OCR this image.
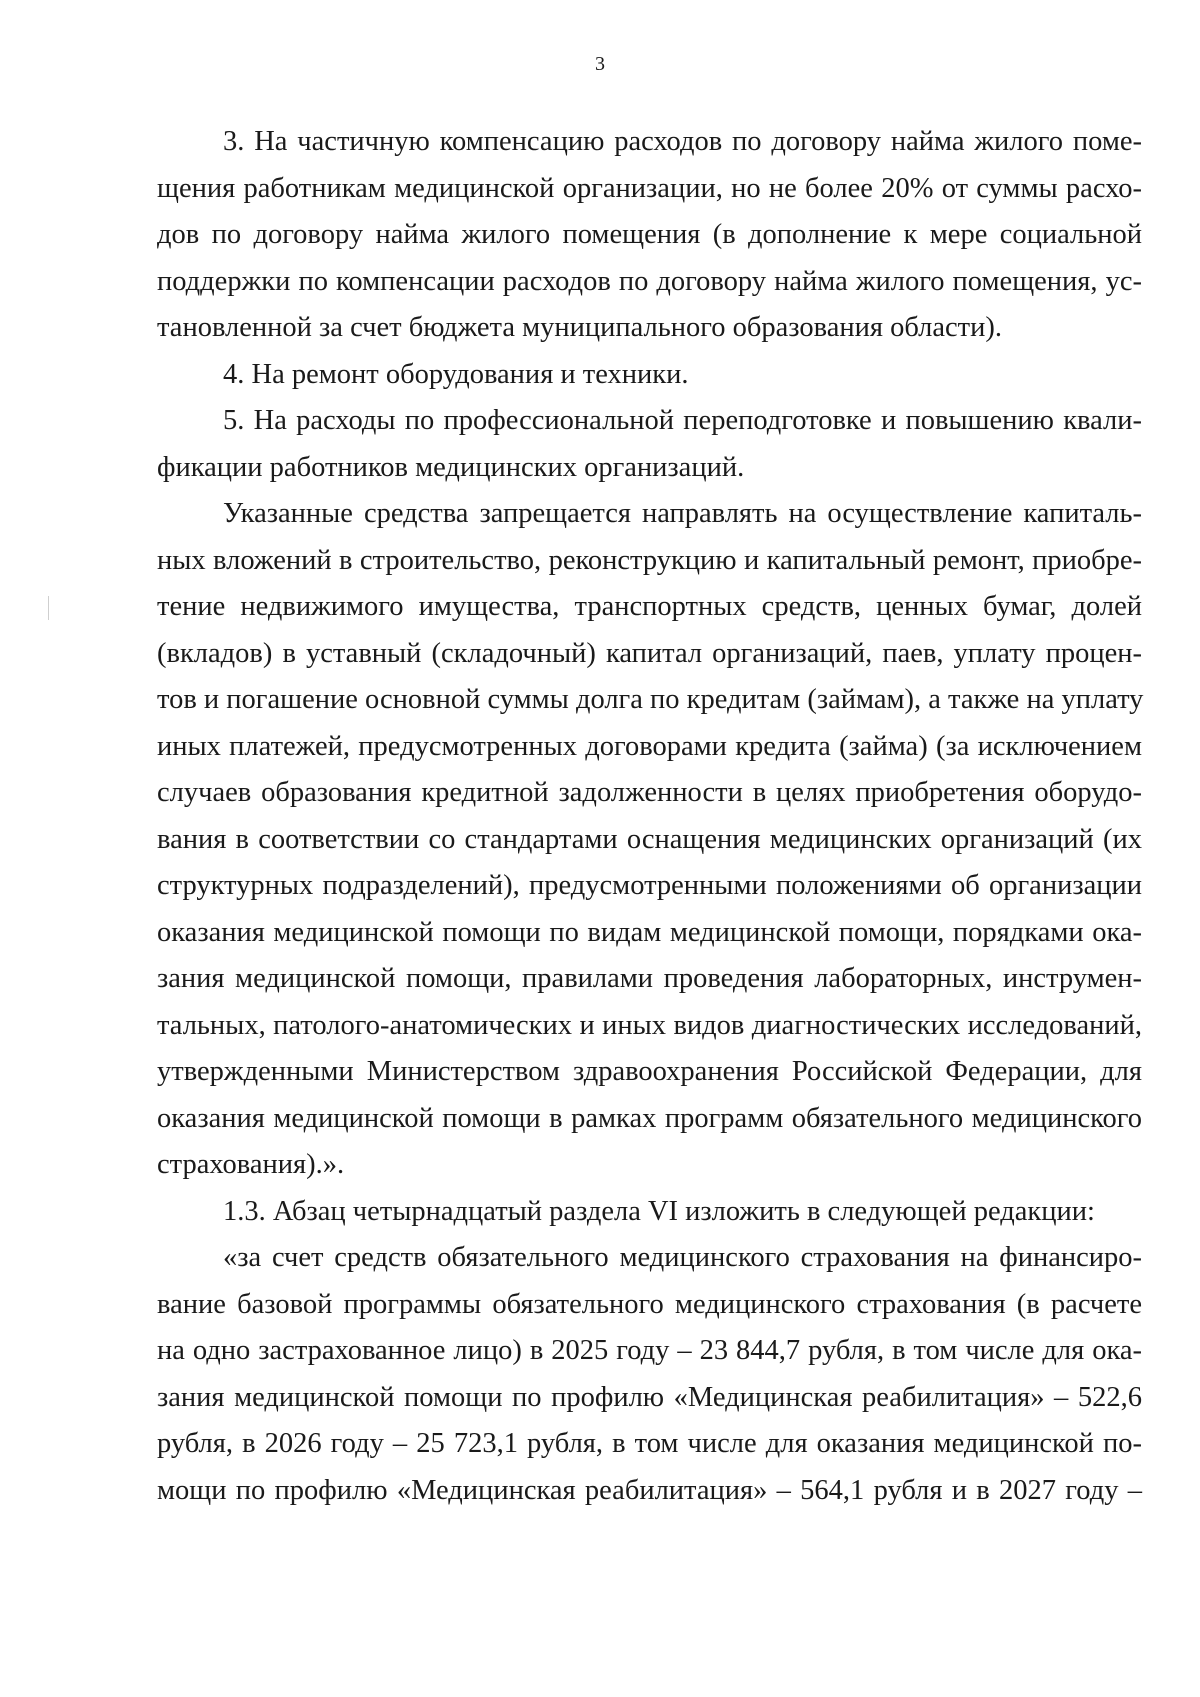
3
3. На частичную компенсацию расходов по договору найма жилого поме-
щения работникам медицинской организации, но не более 20% от суммы расхо-
дов по договору найма жилого помещения (в дополнение к мере социальной
поддержки по компенсации расходов по договору найма жилого помещения, ус-
тановленной за счет бюджета муниципального образования области).
4. На ремонт оборудования и техники.
5. На расходы по профессиональной переподготовке и повышению квали-
фикации работников медицинских организаций.
Указанные средства запрещается направлять на осуществление капиталь-
ных вложений в строительство, реконструкцию и капитальный ремонт, приобре-
тение недвижимого имущества, транспортных средств, ценных бумаг, долей
(вкладов) в уставный (складочный) капитал организаций, паев, уплату процен-
тов и погашение основной суммы долга по кредитам (займам), а также на уплату
иных платежей, предусмотренных договорами кредита (займа) (за исключением
случаев образования кредитной задолженности в целях приобретения оборудо-
вания в соответствии со стандартами оснащения медицинских организаций (их
структурных подразделений), предусмотренными положениями об организации
оказания медицинской помощи по видам медицинской помощи, порядками ока-
зания медицинской помощи, правилами проведения лабораторных, инструмен-
тальных, патолого-анатомических и иных видов диагностических исследований,
утвержденными Министерством здравоохранения Российской Федерации, для
оказания медицинской помощи в рамках программ обязательного медицинского
страхования).».
1.3. Абзац четырнадцатый раздела VI изложить в следующей редакции:
«за счет средств обязательного медицинского страхования на финансиро-
вание базовой программы обязательного медицинского страхования (в расчете
на одно застрахованное лицо) в 2025 году – 23 844,7 рубля, в том числе для ока-
зания медицинской помощи по профилю «Медицинская реабилитация» – 522,6
рубля, в 2026 году – 25 723,1 рубля, в том числе для оказания медицинской по-
мощи по профилю «Медицинская реабилитация» – 564,1 рубля и в 2027 году –
